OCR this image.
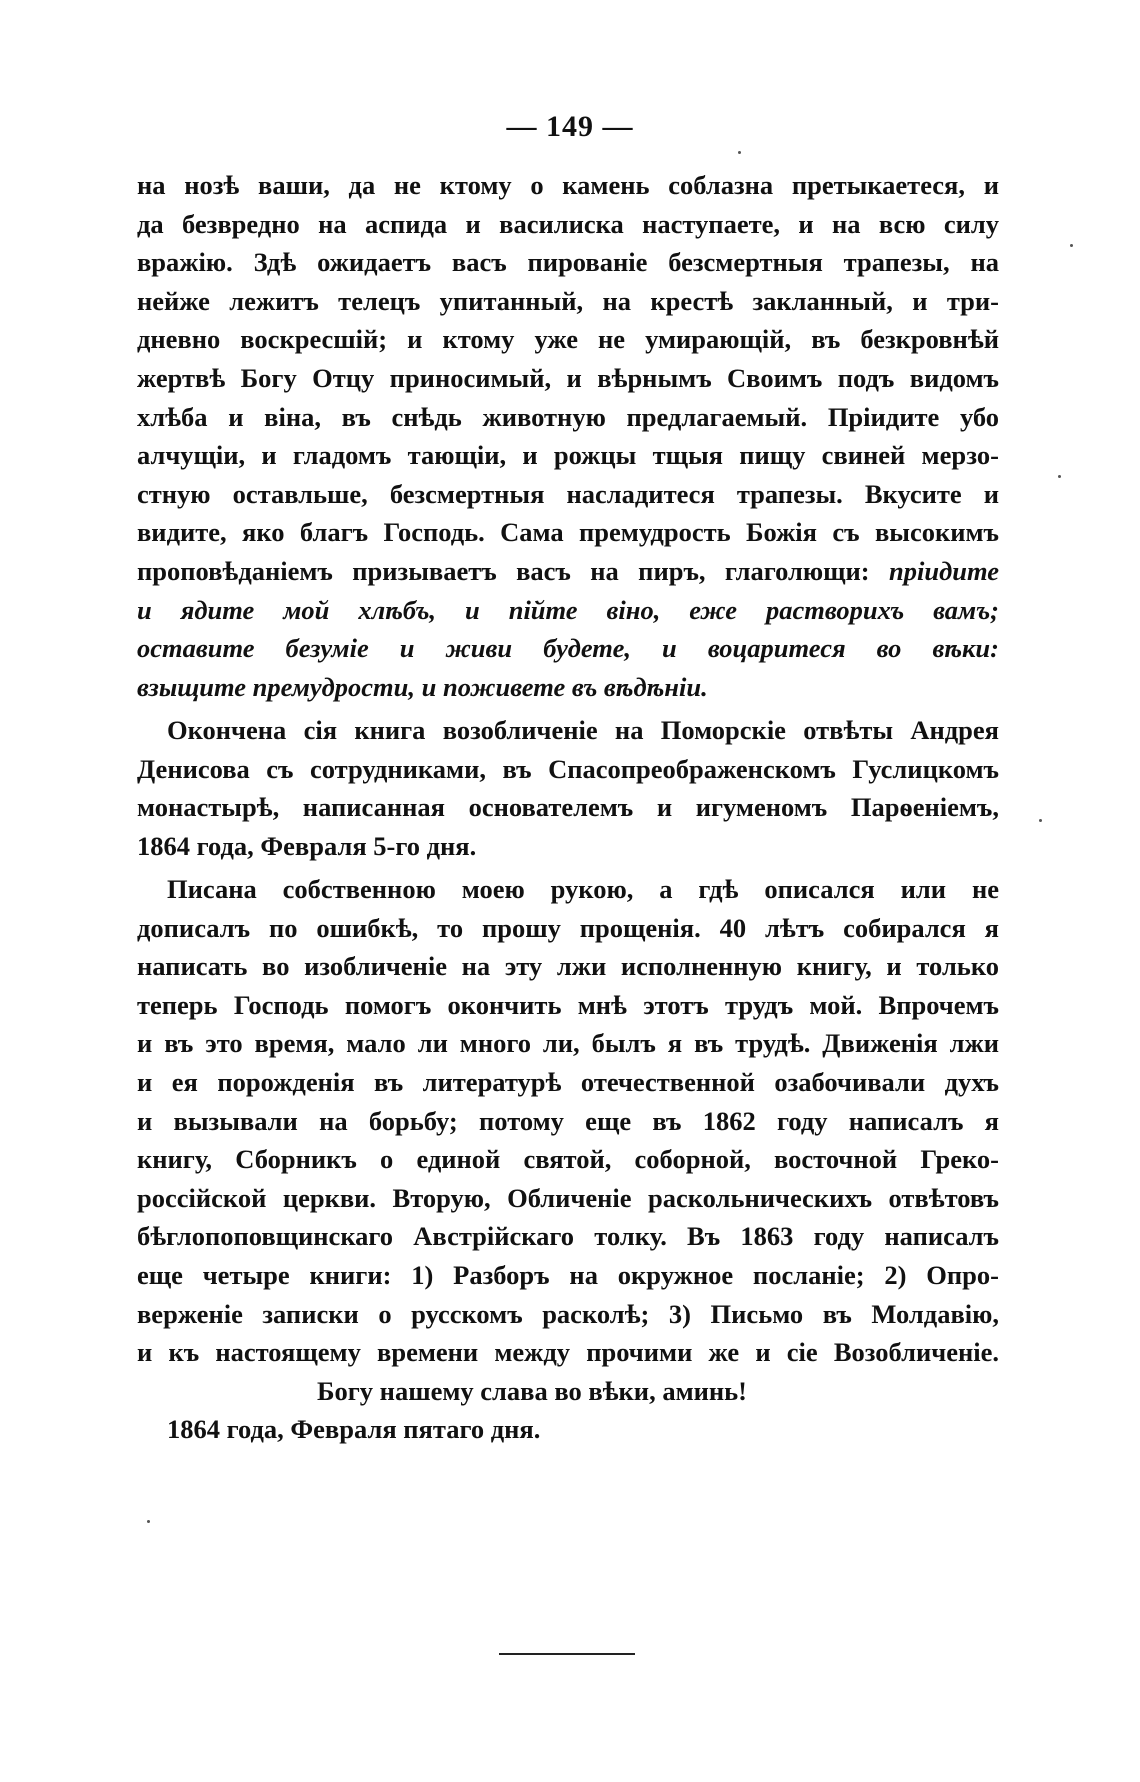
— 149 —
на нозѣ ваши, да не ктому о камень соблазна претыкаетеся, и
да безвредно на аспида и василиска наступаете, и на всю силу
вражiю. Здѣ ожидаетъ васъ пированiе безсмертныя трапезы, на
нейже лежитъ телецъ упитанный, на крестѣ закланный, и три-
дневно воскресшiй; и ктому уже не умирающiй, въ безкровнѣй
жертвѣ Богу Отцу приносимый, и вѣрнымъ Своимъ подъ видомъ
хлѣба и вiна, въ снѣдь животную предлагаемый. Прiидите убо
алчущiи, и гладомъ тающiи, и рожцы тщыя пищу свиней мерзо-
стную оставльше, безсмертныя насладитеся трапезы. Вкусите и
видите, яко благъ Господь. Сама премудрость Божiя съ высокимъ
проповѣданiемъ призываетъ васъ на пиръ, глаголющи: прiидите
и ядите мой хлѣбъ, и пiйте вiно, еже растворихъ вамъ;
оставите безумiе и живи будете, и воцаритеся во вѣки:
взыщите премудрости, и поживете въ вѣдѣнiи.
Окончена сiя книга возобличенiе на Поморскiе отвѣты Андрея
Денисова съ сотрудниками, въ Спасопреображенскомъ Гуслицкомъ
монастырѣ, написанная основателемъ и игуменомъ Парѳенiемъ,
1864 года, Февраля 5-го дня.
Писана собственною моею рукою, а гдѣ описался или не
дописалъ по ошибкѣ, то прошу прощенiя. 40 лѣтъ собирался я
написать во изобличенiе на эту лжи исполненную книгу, и только
теперь Господь помогъ окончить мнѣ этотъ трудъ мой. Впрочемъ
и въ это время, мало ли много ли, былъ я въ трудѣ. Движенiя лжи
и ея порожденiя въ литературѣ отечественной озабочивали духъ
и вызывали на борьбу; потому еще въ 1862 году написалъ я
книгу, Сборникъ о единой святой, соборной, восточной Греко-
россiйской церкви. Вторую, Обличенiе раскольническихъ отвѣтовъ
бѣглопоповщинскаго Австрiйскаго толку. Въ 1863 году написалъ
еще четыре книги: 1) Разборъ на окружное посланiе; 2) Опро-
верженiе записки о русскомъ расколѣ; 3) Письмо въ Молдавiю,
и къ настоящему времени между прочими же и сiе Возобличенiе.
Богу нашему слава во вѣки, аминь!
1864 года, Февраля пятаго дня.
